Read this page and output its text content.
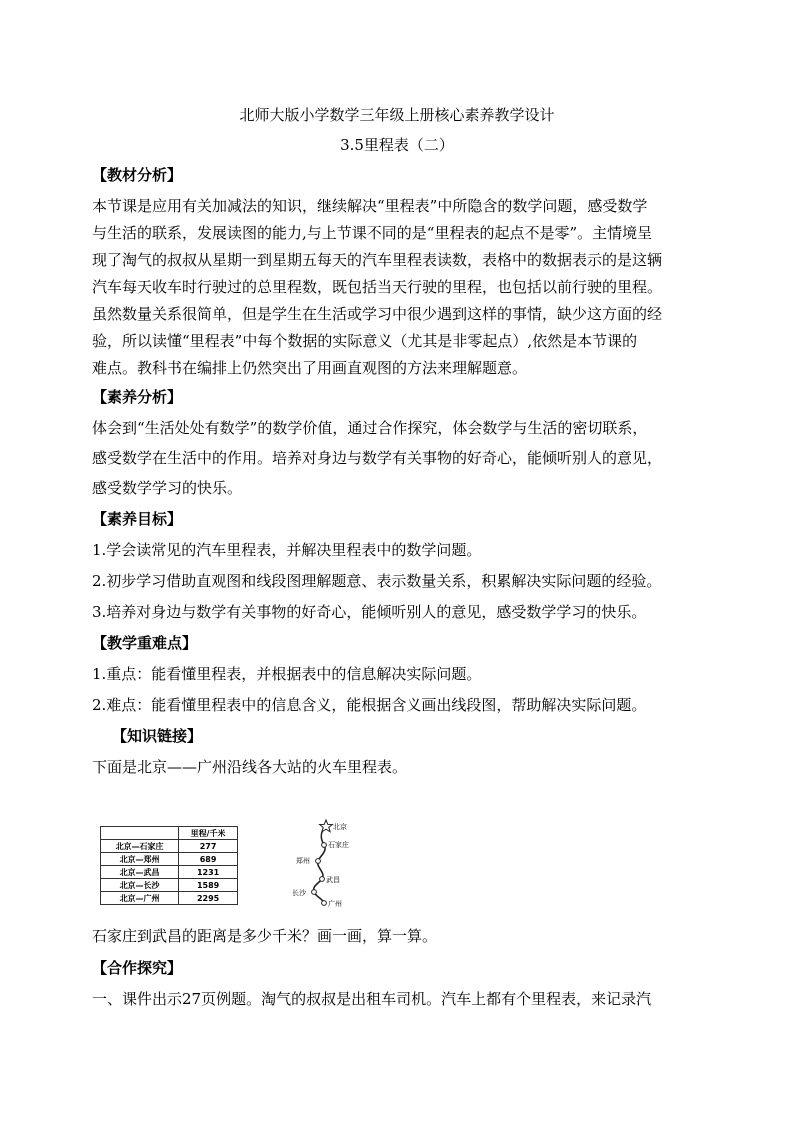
北师大版小学数学三年级上册核心素养教学设计
3.5里程表（二）
【教材分析】
本节课是应用有关加减法的知识，继续解决“里程表”中所隐含的数学问题，感受数学
与生活的联系，发展读图的能力,与上节课不同的是“里程表的起点不是零”。主情境呈
现了淘气的叔叔从星期一到星期五每天的汽车里程表读数，表格中的数据表示的是这辆
汽车每天收车时行驶过的总里程数，既包括当天行驶的里程，也包括以前行驶的里程。
虽然数量关系很简单，但是学生在生活或学习中很少遇到这样的事情，缺少这方面的经
验，所以读懂“里程表”中每个数据的实际意义（尤其是非零起点）,依然是本节课的
难点。教科书在编排上仍然突出了用画直观图的方法来理解题意。
【素养分析】
体会到“生活处处有数学”的数学价值，通过合作探究，体会数学与生活的密切联系，
感受数学在生活中的作用。培养对身边与数学有关事物的好奇心，能倾听别人的意见，
感受数学学习的快乐。
【素养目标】
1.学会读常见的汽车里程表，并解决里程表中的数学问题。
2.初步学习借助直观图和线段图理解题意、表示数量关系，积累解决实际问题的经验。
3.培养对身边与数学有关事物的好奇心，能倾听别人的意见，感受数学学习的快乐。
【教学重难点】
1.重点：能看懂里程表，并根据表中的信息解决实际问题。
2.难点：能看懂里程表中的信息含义，能根据含义画出线段图，帮助解决实际问题。
【知识链接】
下面是北京——广州沿线各大站的火车里程表。
	里程/千米
北京—石家庄	277
北京—郑州	689
北京—武昌	1231
北京—长沙	1589
北京—广州	2295
北京
石家庄
郑州
武昌
长沙
广州
石家庄到武昌的距离是多少千米？画一画，算一算。
【合作探究】
一、课件出示27页例题。淘气的叔叔是出租车司机。汽车上都有个里程表，来记录汽
